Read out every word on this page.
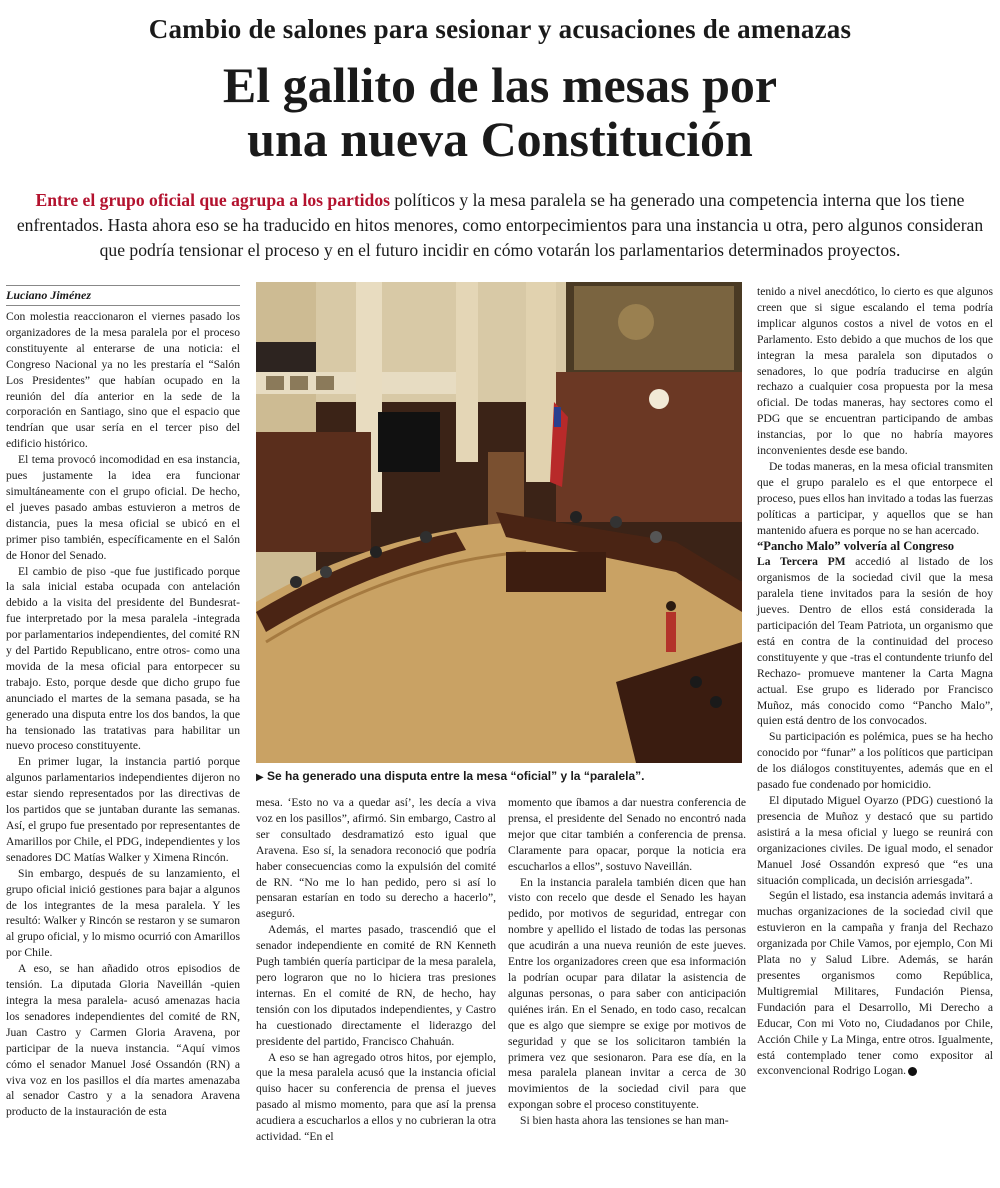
Cambio de salones para sesionar y acusaciones de amenazas
El gallito de las mesas por
una nueva Constitución
Entre el grupo oficial que agrupa a los partidos políticos y la mesa paralela se ha generado una competencia interna que los tiene enfrentados. Hasta ahora eso se ha traducido en hitos menores, como entorpecimientos para una instancia u otra, pero algunos consideran que podría tensionar el proceso y en el futuro incidir en cómo votarán los parlamentarios determinados proyectos.
Luciano Jiménez

Con molestia reaccionaron el viernes pasado los organizadores de la mesa paralela por el proceso constituyente al enterarse de una noticia: el Congreso Nacional ya no les prestaría el “Salón Los Presidentes” que habían ocupado en la reunión del día anterior en la sede de la corporación en Santiago, sino que el espacio que tendrían que usar sería en el tercer piso del edificio histórico.

El tema provocó incomodidad en esa instancia, pues justamente la idea era funcionar simultáneamente con el grupo oficial. De hecho, el jueves pasado ambas estuvieron a metros de distancia, pues la mesa oficial se ubicó en el primer piso también, específicamente en el Salón de Honor del Senado.

El cambio de piso -que fue justificado porque la sala inicial estaba ocupada con antelación debido a la visita del presidente del Bundesrat- fue interpretado por la mesa paralela -integrada por parlamentarios independientes, del comité RN y del Partido Republicano, entre otros- como una movida de la mesa oficial para entorpecer su trabajo. Esto, porque desde que dicho grupo fue anunciado el martes de la semana pasada, se ha generado una disputa entre los dos bandos, la que ha tensionado las tratativas para habilitar un nuevo proceso constituyente.

En primer lugar, la instancia partió porque algunos parlamentarios independientes dijeron no estar siendo representados por las directivas de los partidos que se juntaban durante las semanas. Así, el grupo fue presentado por representantes de Amarillos por Chile, el PDG, independientes y los senadores DC Matías Walker y Ximena Rincón.

Sin embargo, después de su lanzamiento, el grupo oficial inició gestiones para bajar a algunos de los integrantes de la mesa paralela. Y les resultó: Walker y Rincón se restaron y se sumaron al grupo oficial, y lo mismo ocurrió con Amarillos por Chile.

A eso, se han añadido otros episodios de tensión. La diputada Gloria Naveillán -quien integra la mesa paralela- acusó amenazas hacia los senadores independientes del comité de RN, Juan Castro y Carmen Gloria Aravena, por participar de la nueva instancia. “Aquí vimos cómo el senador Manuel José Ossandón (RN) a viva voz en los pasillos el día martes amenazaba al senador Castro y a la senadora Aravena producto de la instauración de esta

▶ Se ha generado una disputa entre la mesa “oficial” y la “paralela”.

mesa. ‘Esto no va a quedar así’, les decía a viva voz en los pasillos”, afirmó. Sin embargo, Castro al ser consultado desdramatizó esto igual que Aravena. Eso sí, la senadora reconoció que podría haber consecuencias como la expulsión del comité de RN. “No me lo han pedido, pero si así lo pensaran estarían en todo su derecho a hacerlo”, aseguró.

Además, el martes pasado, trascendió que el senador independiente en comité de RN Kenneth Pugh también quería participar de la mesa paralela, pero lograron que no lo hiciera tras presiones internas. En el comité de RN, de hecho, hay tensión con los diputados independientes, y Castro ha cuestionado directamente el liderazgo del presidente del partido, Francisco Chahuán.

A eso se han agregado otros hitos, por ejemplo, que la mesa paralela acusó que la instancia oficial quiso hacer su conferencia de prensa el jueves pasado al mismo momento, para que así la prensa acudiera a escucharlos a ellos y no cubrieran la otra actividad. “En el

momento que íbamos a dar nuestra conferencia de prensa, el presidente del Senado no encontró nada mejor que citar también a conferencia de prensa. Claramente para opacar, porque la noticia era escucharlos a ellos”, sostuvo Naveillán.

En la instancia paralela también dicen que han visto con recelo que desde el Senado les hayan pedido, por motivos de seguridad, entregar con nombre y apellido el listado de todas las personas que acudirán a una nueva reunión de este jueves. Entre los organizadores creen que esa información la podrían ocupar para dilatar la asistencia de algunas personas, o para saber con anticipación quiénes irán. En el Senado, en todo caso, recalcan que es algo que siempre se exige por motivos de seguridad y que se los solicitaron también la primera vez que sesionaron. Para ese día, en la mesa paralela planean invitar a cerca de 30 movimientos de la sociedad civil para que expongan sobre el proceso constituyente.

Si bien hasta ahora las tensiones se han man-

tenido a nivel anecdótico, lo cierto es que algunos creen que si sigue escalando el tema podría implicar algunos costos a nivel de votos en el Parlamento. Esto debido a que muchos de los que integran la mesa paralela son diputados o senadores, lo que podría traducirse en algún rechazo a cualquier cosa propuesta por la mesa oficial. De todas maneras, hay sectores como el PDG que se encuentran participando de ambas instancias, por lo que no habría mayores inconvenientes desde ese bando.

De todas maneras, en la mesa oficial transmiten que el grupo paralelo es el que entorpece el proceso, pues ellos han invitado a todas las fuerzas políticas a participar, y aquellos que se han mantenido afuera es porque no se han acercado.

“Pancho Malo” volvería al Congreso

La Tercera PM accedió al listado de los organismos de la sociedad civil que la mesa paralela tiene invitados para la sesión de hoy jueves. Dentro de ellos está considerada la participación del Team Patriota, un organismo que está en contra de la continuidad del proceso constituyente y que -tras el contundente triunfo del Rechazo- promueve mantener la Carta Magna actual. Ese grupo es liderado por Francisco Muñoz, más conocido como “Pancho Malo”, quien está dentro de los convocados.

Su participación es polémica, pues se ha hecho conocido por “funar” a los políticos que participan de los diálogos constituyentes, además que en el pasado fue condenado por homicidio.

El diputado Miguel Oyarzo (PDG) cuestionó la presencia de Muñoz y destacó que su partido asistirá a la mesa oficial y luego se reunirá con organizaciones civiles. De igual modo, el senador Manuel José Ossandón expresó que “es una situación complicada, un decisión arriesgada”.

Según el listado, esa instancia además invitará a muchas organizaciones de la sociedad civil que estuvieron en la campaña y franja del Rechazo organizada por Chile Vamos, por ejemplo, Con Mi Plata no y Salud Libre. Además, se harán presentes organismos como República, Multigremial Militares, Fundación Piensa, Fundación para el Desarrollo, Mi Derecho a Educar, Con mi Voto no, Ciudadanos por Chile, Acción Chile y La Minga, entre otros. Igualmente, está contemplado tener como expositor al exconvencional Rodrigo Logan.
